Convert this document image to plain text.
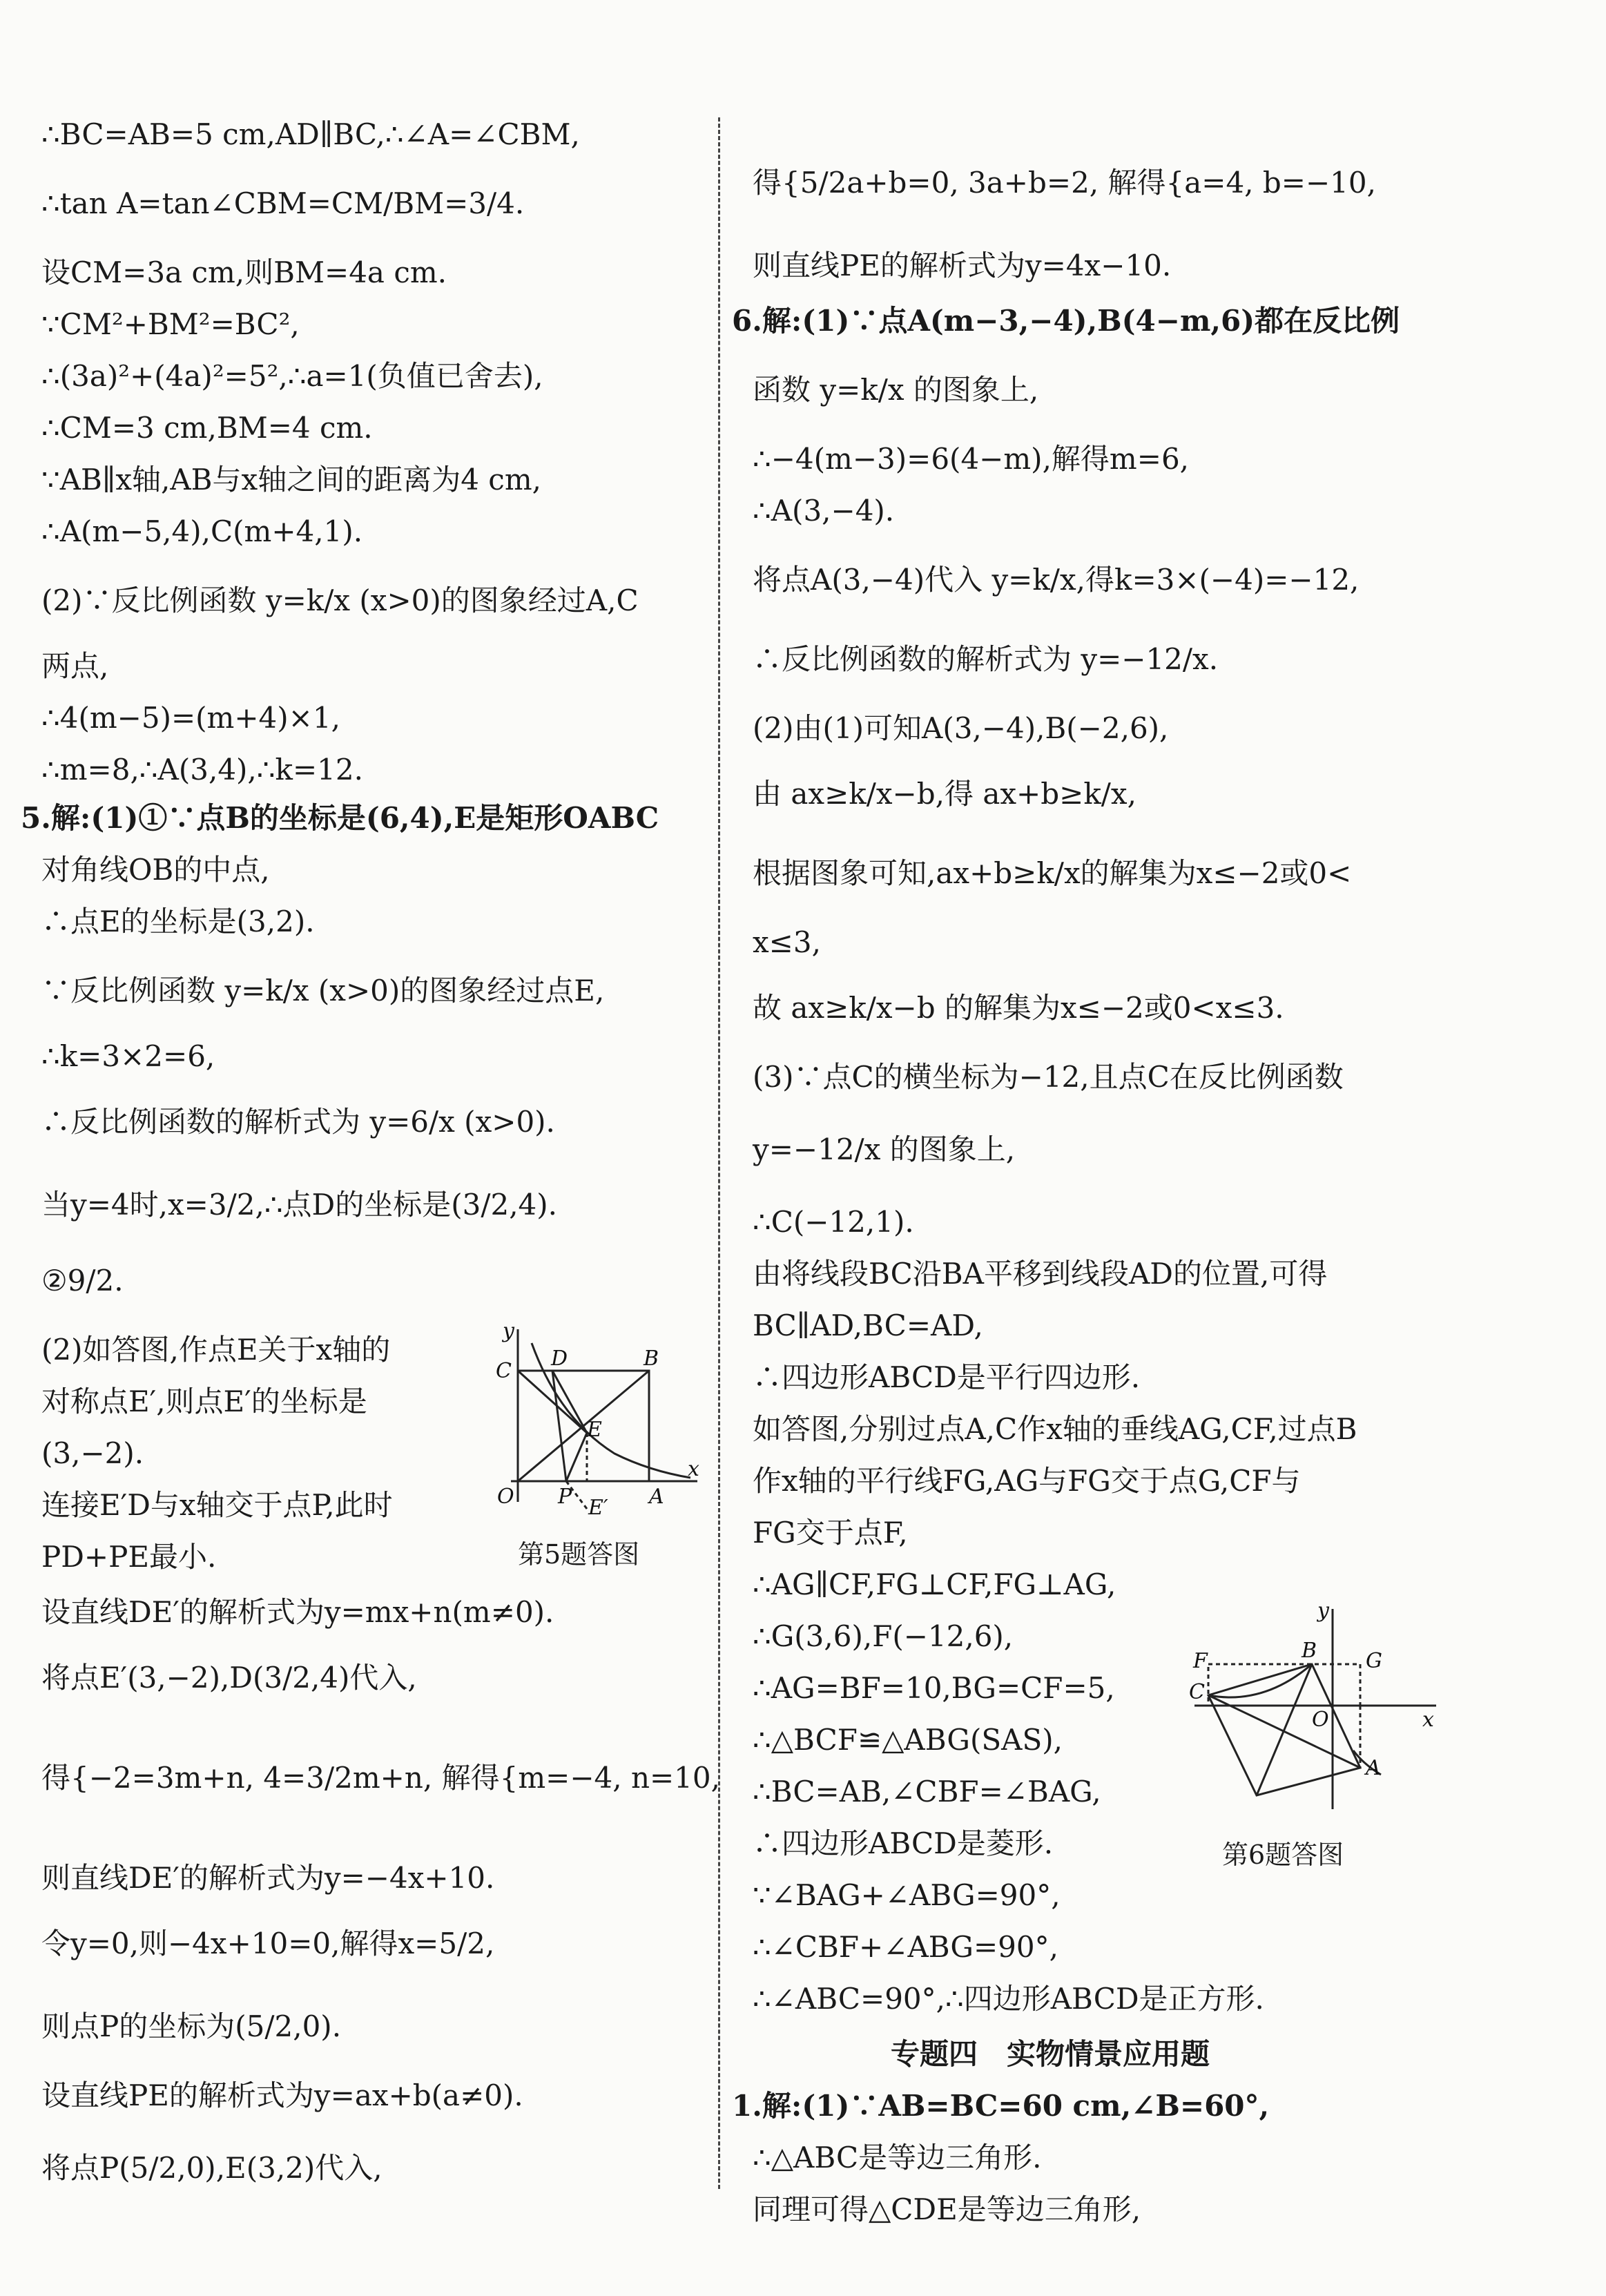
∴BC=AB=5 cm,AD∥BC,∴∠A=∠CBM,
∴tan A=tan∠CBM=CM/BM=3/4.
设CM=3a cm,则BM=4a cm.
∵CM²+BM²=BC²,
∴(3a)²+(4a)²=5²,∴a=1(负值已舍去),
∴CM=3 cm,BM=4 cm.
∵AB∥x轴,AB与x轴之间的距离为4 cm,
∴A(m−5,4),C(m+4,1).
(2)∵反比例函数 y=k/x (x>0)的图象经过A,C
两点,
∴4(m−5)=(m+4)×1,
∴m=8,∴A(3,4),∴k=12.
5.解:(1)①∵点B的坐标是(6,4),E是矩形OABC
对角线OB的中点,
∴点E的坐标是(3,2).
∵反比例函数 y=k/x (x>0)的图象经过点E,
∴k=3×2=6,
∴反比例函数的解析式为 y=6/x (x>0).
当y=4时,x=3/2,∴点D的坐标是(3/2,4).
②9/2.
(2)如答图,作点E关于x轴的
对称点E′,则点E′的坐标是
(3,−2).
连接E′D与x轴交于点P,此时
PD+PE最小.
设直线DE′的解析式为y=mx+n(m≠0).
将点E′(3,−2),D(3/2,4)代入,
得{−2=3m+n, 4=3/2m+n, 解得{m=−4, n=10,
则直线DE′的解析式为y=−4x+10.
令y=0,则−4x+10=0,解得x=5/2,
则点P的坐标为(5/2,0).
设直线PE的解析式为y=ax+b(a≠0).
将点P(5/2,0),E(3,2)代入,
y
x
C
D	B
E
O P	A
E′
第5题答图
得{5/2a+b=0, 3a+b=2, 解得{a=4, b=−10,
则直线PE的解析式为y=4x−10.
6.解:(1)∵点A(m−3,−4),B(4−m,6)都在反比例
函数 y=k/x 的图象上,
∴−4(m−3)=6(4−m),解得m=6,
∴A(3,−4).
将点A(3,−4)代入 y=k/x,得k=3×(−4)=−12,
∴反比例函数的解析式为 y=−12/x.
(2)由(1)可知A(3,−4),B(−2,6),
由 ax≥k/x−b,得 ax+b≥k/x,
根据图象可知,ax+b≥k/x的解集为x≤−2或0<
x≤3,
故 ax≥k/x−b 的解集为x≤−2或0<x≤3.
(3)∵点C的横坐标为−12,且点C在反比例函数
y=−12/x 的图象上,
∴C(−12,1).
由将线段BC沿BA平移到线段AD的位置,可得
BC∥AD,BC=AD,
∴四边形ABCD是平行四边形.
如答图,分别过点A,C作x轴的垂线AG,CF,过点B
作x轴的平行线FG,AG与FG交于点G,CF与
FG交于点F,
∴AG∥CF,FG⊥CF,FG⊥AG,
∴G(3,6),F(−12,6),
∴AG=BF=10,BG=CF=5,
∴△BCF≌△ABG(SAS),
∴BC=AB,∠CBF=∠BAG,
∴四边形ABCD是菱形.
∵∠BAG+∠ABG=90°,
∴∠CBF+∠ABG=90°,
∴∠ABC=90°,∴四边形ABCD是正方形.
专题四　实物情景应用题
1.解:(1)∵AB=BC=60 cm,∠B=60°,
∴△ABC是等边三角形.
同理可得△CDE是等边三角形,
y
x
F	B G
C
O
A
第6题答图
